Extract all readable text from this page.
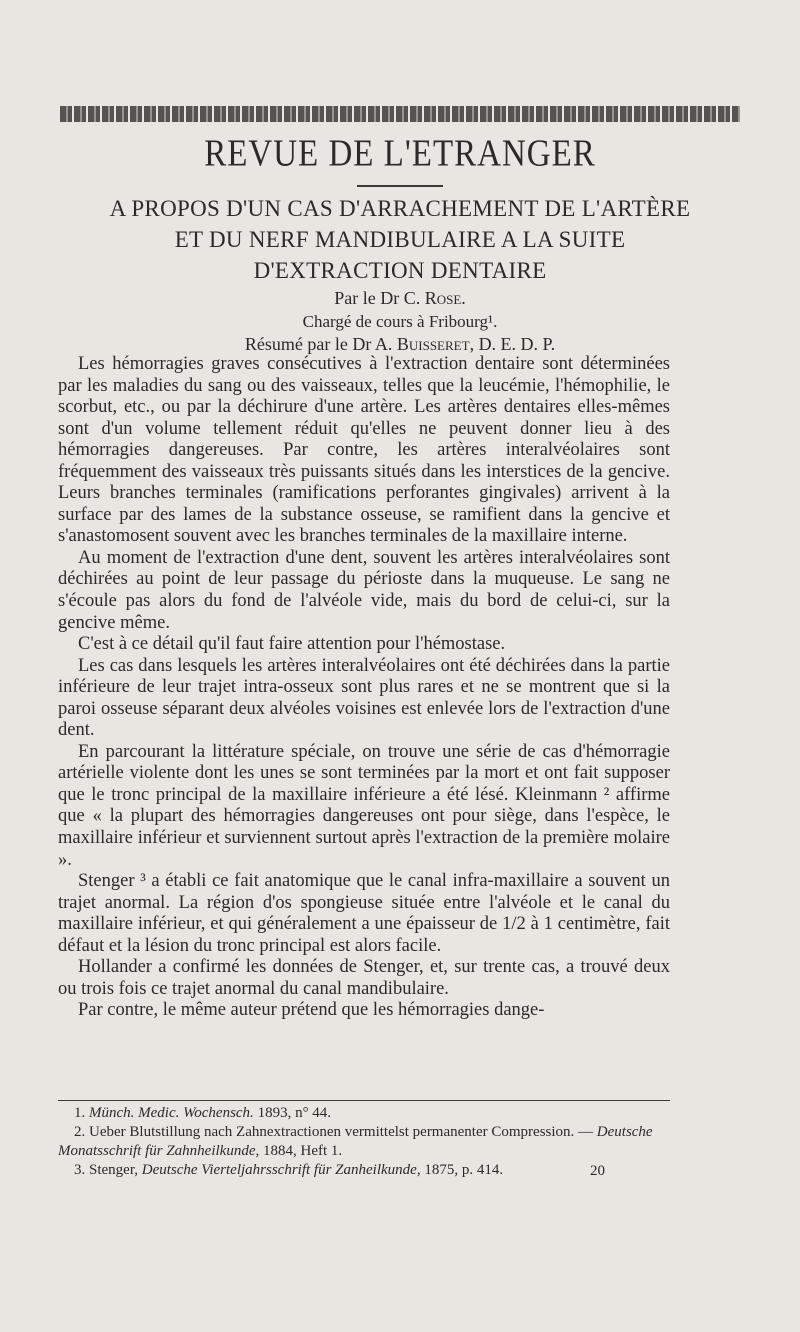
REVUE DE L'ETRANGER
A PROPOS D'UN CAS D'ARRACHEMENT DE L'ARTÈRE
ET DU NERF MANDIBULAIRE A LA SUITE
D'EXTRACTION DENTAIRE
Par le Dr C. Rose.
Chargé de cours à Fribourg¹.
Résumé par le Dr A. Buisseret, D. E. D. P.

Les hémorragies graves consécutives à l'extraction dentaire sont déterminées par les maladies du sang ou des vaisseaux, telles que la leucémie, l'hémophilie, le scorbut, etc., ou par la déchirure d'une artère. Les artères dentaires elles-mêmes sont d'un volume tellement réduit qu'elles ne peuvent donner lieu à des hémorragies dangereuses. Par contre, les artères interalvéolaires sont fréquemment des vaisseaux très puissants situés dans les interstices de la gencive. Leurs branches terminales (ramifications perforantes gingivales) arrivent à la surface par des lames de la substance osseuse, se ramifient dans la gencive et s'anastomosent souvent avec les branches terminales de la maxillaire interne.

Au moment de l'extraction d'une dent, souvent les artères interalvéolaires sont déchirées au point de leur passage du périoste dans la muqueuse. Le sang ne s'écoule pas alors du fond de l'alvéole vide, mais du bord de celui-ci, sur la gencive même.

C'est à ce détail qu'il faut faire attention pour l'hémostase.

Les cas dans lesquels les artères interalvéolaires ont été déchirées dans la partie inférieure de leur trajet intra-osseux sont plus rares et ne se montrent que si la paroi osseuse séparant deux alvéoles voisines est enlevée lors de l'extraction d'une dent.

En parcourant la littérature spéciale, on trouve une série de cas d'hémorragie artérielle violente dont les unes se sont terminées par la mort et ont fait supposer que le tronc principal de la maxillaire inférieure a été lésé. Kleinmann ² affirme que « la plupart des hémorragies dangereuses ont pour siège, dans l'espèce, le maxillaire inférieur et surviennent surtout après l'extraction de la première molaire ».

Stenger ³ a établi ce fait anatomique que le canal infra-maxillaire a souvent un trajet anormal. La région d'os spongieuse située entre l'alvéole et le canal du maxillaire inférieur, et qui généralement a une épaisseur de 1/2 à 1 centimètre, fait défaut et la lésion du tronc principal est alors facile.

Hollander a confirmé les données de Stenger, et, sur trente cas, a trouvé deux ou trois fois ce trajet anormal du canal mandibulaire.

Par contre, le même auteur prétend que les hémorragies dange-

1. Münch. Medic. Wochensch. 1893, n° 44.

2. Ueber Blutstillung nach Zahnextractionen vermittelst permanenter Compression. — Deutsche Monatsschrift für Zahnheilkunde, 1884, Heft 1.

3. Stenger, Deutsche Vierteljahrsschrift für Zanheilkunde, 1875, p. 414.	20
